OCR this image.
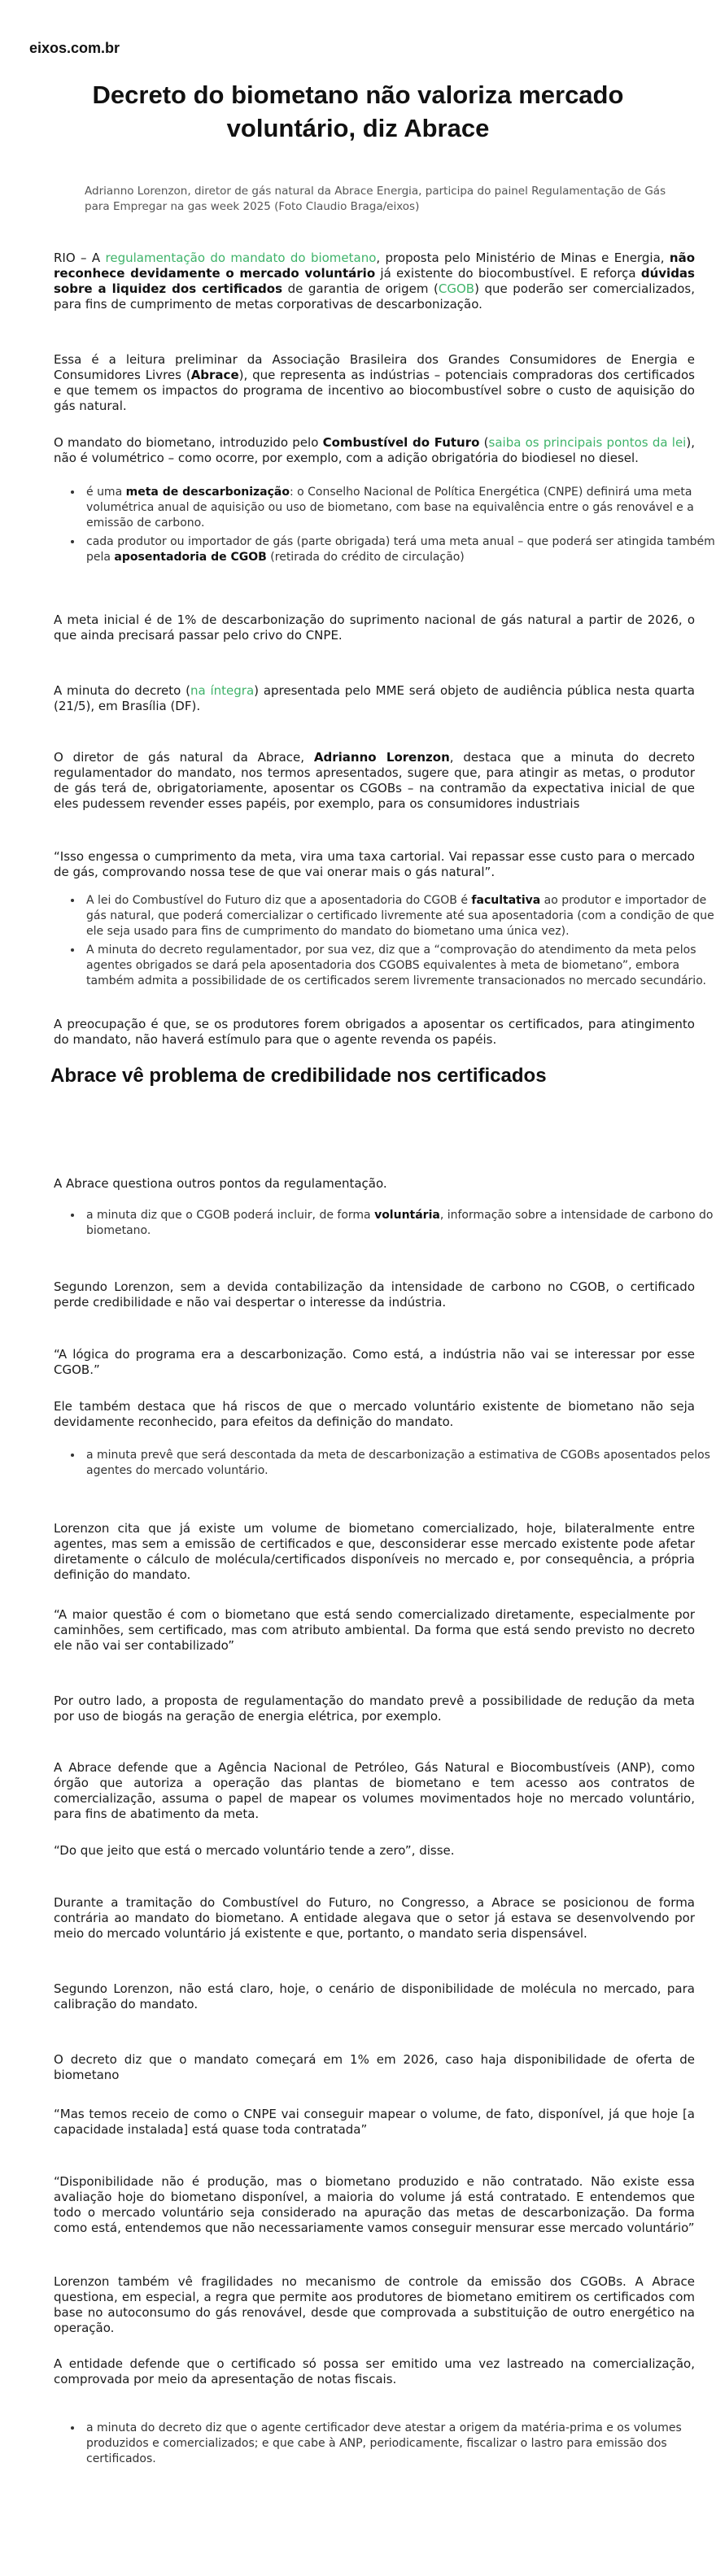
eixos.com.br
Decreto do biometano não valoriza mercado voluntário, diz Abrace

Adrianno Lorenzon, diretor de gás natural da Abrace Energia, participa do painel Regulamentação de Gás para Empregar na gas week 2025 (Foto Claudio Braga/eixos)

RIO – A regulamentação do mandato do biometano, proposta pelo Ministério de Minas e Energia, não reconhece devidamente o mercado voluntário já existente do biocombustível. E reforça dúvidas sobre a liquidez dos certificados de garantia de origem (CGOB) que poderão ser comercializados, para fins de cumprimento de metas corporativas de descarbonização.

Essa é a leitura preliminar da Associação Brasileira dos Grandes Consumidores de Energia e Consumidores Livres (Abrace), que representa as indústrias – potenciais compradoras dos certificados e que temem os impactos do programa de incentivo ao biocombustível sobre o custo de aquisição do gás natural.

O mandato do biometano, introduzido pelo Combustível do Futuro (saiba os principais pontos da lei), não é volumétrico – como ocorre, por exemplo, com a adição obrigatória do biodiesel no diesel.

• é uma meta de descarbonização: o Conselho Nacional de Política Energética (CNPE) definirá uma meta volumétrica anual de aquisição ou uso de biometano, com base na equivalência entre o gás renovável e a emissão de carbono.
• cada produtor ou importador de gás (parte obrigada) terá uma meta anual – que poderá ser atingida também pela aposentadoria de CGOB (retirada do crédito de circulação)

A meta inicial é de 1% de descarbonização do suprimento nacional de gás natural a partir de 2026, o que ainda precisará passar pelo crivo do CNPE.

A minuta do decreto (na íntegra) apresentada pelo MME será objeto de audiência pública nesta quarta (21/5), em Brasília (DF).

O diretor de gás natural da Abrace, Adrianno Lorenzon, destaca que a minuta do decreto regulamentador do mandato, nos termos apresentados, sugere que, para atingir as metas, o produtor de gás terá de, obrigatoriamente, aposentar os CGOBs – na contramão da expectativa inicial de que eles pudessem revender esses papéis, por exemplo, para os consumidores industriais

“Isso engessa o cumprimento da meta, vira uma taxa cartorial. Vai repassar esse custo para o mercado de gás, comprovando nossa tese de que vai onerar mais o gás natural”.

• A lei do Combustível do Futuro diz que a aposentadoria do CGOB é facultativa ao produtor e importador de gás natural, que poderá comercializar o certificado livremente até sua aposentadoria (com a condição de que ele seja usado para fins de cumprimento do mandato do biometano uma única vez).
• A minuta do decreto regulamentador, por sua vez, diz que a “comprovação do atendimento da meta pelos agentes obrigados se dará pela aposentadoria dos CGOBS equivalentes à meta de biometano”, embora também admita a possibilidade de os certificados serem livremente transacionados no mercado secundário.

A preocupação é que, se os produtores forem obrigados a aposentar os certificados, para atingimento do mandato, não haverá estímulo para que o agente revenda os papéis.

Abrace vê problema de credibilidade nos certificados

A Abrace questiona outros pontos da regulamentação.

• a minuta diz que o CGOB poderá incluir, de forma voluntária, informação sobre a intensidade de carbono do biometano.

Segundo Lorenzon, sem a devida contabilização da intensidade de carbono no CGOB, o certificado perde credibilidade e não vai despertar o interesse da indústria.

“A lógica do programa era a descarbonização. Como está, a indústria não vai se interessar por esse CGOB.”

Ele também destaca que há riscos de que o mercado voluntário existente de biometano não seja devidamente reconhecido, para efeitos da definição do mandato.

• a minuta prevê que será descontada da meta de descarbonização a estimativa de CGOBs aposentados pelos agentes do mercado voluntário.

Lorenzon cita que já existe um volume de biometano comercializado, hoje, bilateralmente entre agentes, mas sem a emissão de certificados e que, desconsiderar esse mercado existente pode afetar diretamente o cálculo de molécula/certificados disponíveis no mercado e, por consequência, a própria definição do mandato.

“A maior questão é com o biometano que está sendo comercializado diretamente, especialmente por caminhões, sem certificado, mas com atributo ambiental. Da forma que está sendo previsto no decreto ele não vai ser contabilizado”

Por outro lado, a proposta de regulamentação do mandato prevê a possibilidade de redução da meta por uso de biogás na geração de energia elétrica, por exemplo.

A Abrace defende que a Agência Nacional de Petróleo, Gás Natural e Biocombustíveis (ANP), como órgão que autoriza a operação das plantas de biometano e tem acesso aos contratos de comercialização, assuma o papel de mapear os volumes movimentados hoje no mercado voluntário, para fins de abatimento da meta.

“Do que jeito que está o mercado voluntário tende a zero”, disse.

Durante a tramitação do Combustível do Futuro, no Congresso, a Abrace se posicionou de forma contrária ao mandato do biometano. A entidade alegava que o setor já estava se desenvolvendo por meio do mercado voluntário já existente e que, portanto, o mandato seria dispensável.

Segundo Lorenzon, não está claro, hoje, o cenário de disponibilidade de molécula no mercado, para calibração do mandato.

O decreto diz que o mandato começará em 1% em 2026, caso haja disponibilidade de oferta de biometano

“Mas temos receio de como o CNPE vai conseguir mapear o volume, de fato, disponível, já que hoje [a capacidade instalada] está quase toda contratada”

“Disponibilidade não é produção, mas o biometano produzido e não contratado. Não existe essa avaliação hoje do biometano disponível, a maioria do volume já está contratado. E entendemos que todo o mercado voluntário seja considerado na apuração das metas de descarbonização. Da forma como está, entendemos que não necessariamente vamos conseguir mensurar esse mercado voluntário”

Lorenzon também vê fragilidades no mecanismo de controle da emissão dos CGOBs. A Abrace questiona, em especial, a regra que permite aos produtores de biometano emitirem os certificados com base no autoconsumo do gás renovável, desde que comprovada a substituição de outro energético na operação.

A entidade defende que o certificado só possa ser emitido uma vez lastreado na comercialização, comprovada por meio da apresentação de notas fiscais.

• a minuta do decreto diz que o agente certificador deve atestar a origem da matéria-prima e os volumes produzidos e comercializados; e que cabe à ANP, periodicamente, fiscalizar o lastro para emissão dos certificados.
